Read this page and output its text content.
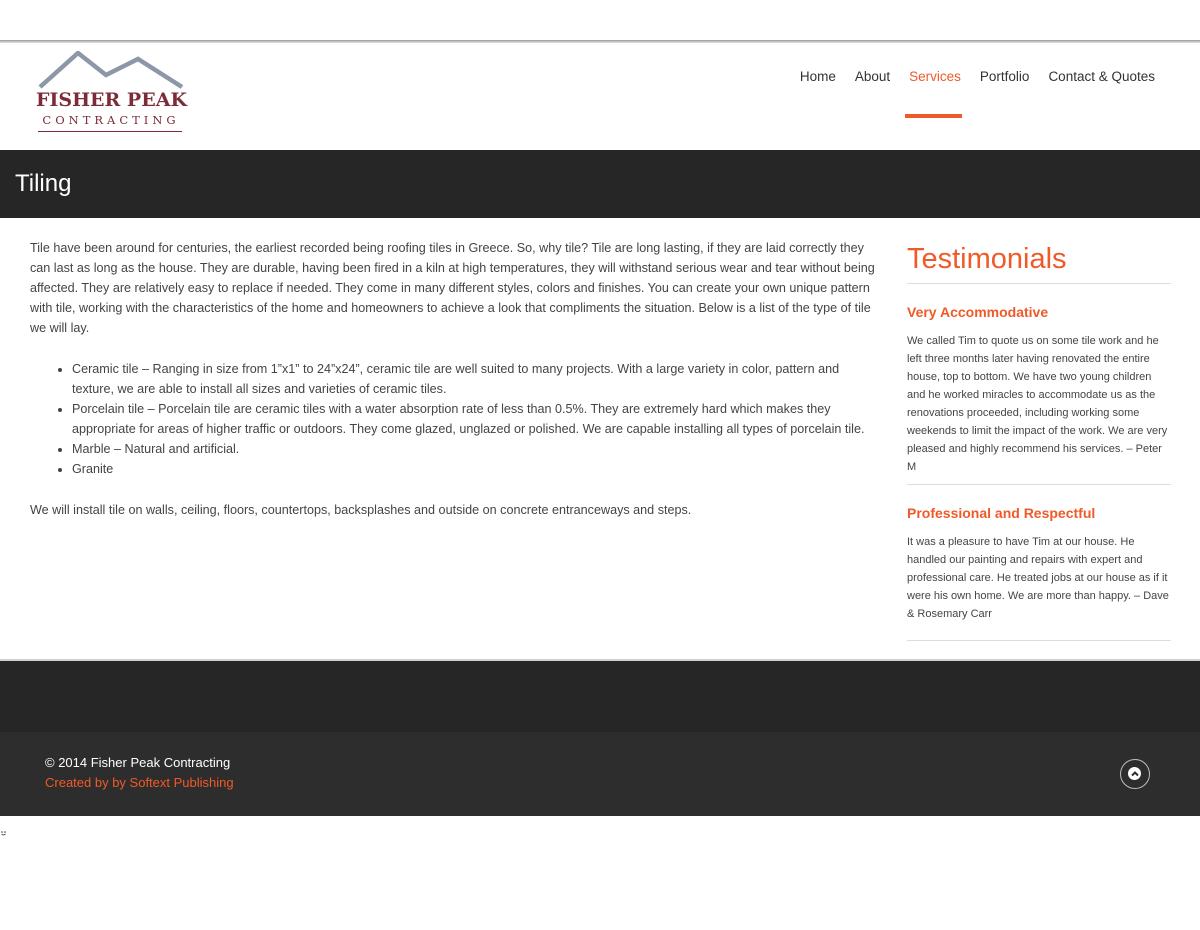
FISHER PEAK
CONTRACTING
Home About Services Portfolio Contact & Quotes
Tiling

Tile have been around for centuries, the earliest recorded being roofing tiles in Greece. So, why tile? Tile are long lasting, if they are laid correctly they can last as long as the house. They are durable, having been fired in a kiln at high temperatures, they will withstand serious wear and tear without being affected. They are relatively easy to replace if needed. They come in many different styles, colors and finishes. You can create your own unique pattern with tile, working with the characteristics of the home and homeowners to achieve a look that compliments the situation. Below is a list of the type of tile we will lay.

• Ceramic tile – Ranging in size from 1”x1” to 24”x24”, ceramic tile are well suited to many projects. With a large variety in color, pattern and texture, we are able to install all sizes and varieties of ceramic tiles.
• Porcelain tile – Porcelain tile are ceramic tiles with a water absorption rate of less than 0.5%. They are extremely hard which makes they appropriate for areas of higher traffic or outdoors. They come glazed, unglazed or polished. We are capable installing all types of porcelain tile.
• Marble – Natural and artificial.
• Granite

We will install tile on walls, ceiling, floors, countertops, backsplashes and outside on concrete entranceways and steps.

Testimonials
Very Accommodative

We called Tim to quote us on some tile work and he left three months later having renovated the entire house, top to bottom. We have two young children and he worked miracles to accommodate us as the renovations proceeded, including working some weekends to limit the impact of the work. We are very pleased and highly recommend his services. – Peter M

Professional and Respectful

It was a pleasure to have Tim at our house. He handled our painting and repairs with expert and professional care. He treated jobs at our house as if it were his own home. We are more than happy. – Dave & Rosemary Carr

© 2014 Fisher Peak Contracting
Created by by Softext Publishing
